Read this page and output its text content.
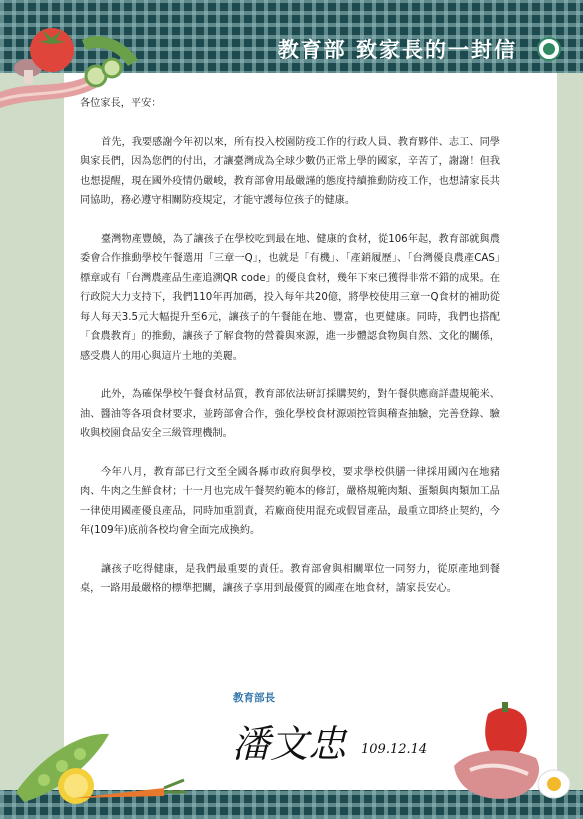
教育部 致家長的一封信

各位家長，平安：

首先，我要感謝今年初以來，所有投入校園防疫工作的行政人員、教育夥伴、志工、同學與家長們，因為您們的付出，才讓臺灣成為全球少數仍正常上學的國家，辛苦了，謝謝！但我也想提醒，現在國外疫情仍嚴峻，教育部會用最嚴謹的態度持續推動防疫工作，也想請家長共同協助，務必遵守相關防疫規定，才能守護每位孩子的健康。

臺灣物產豐饒，為了讓孩子在學校吃到最在地、健康的食材，從106年起，教育部就與農委會合作推動學校午餐選用「三章一Q」，也就是「有機」、「產銷履歷」、「台灣優良農產CAS」標章或有「台灣農產品生產追溯QR code」的優良食材，幾年下來已獲得非常不錯的成果。在行政院大力支持下，我們110年再加碼，投入每年共20億，將學校使用三章一Q食材的補助從每人每天3.5元大幅提升至6元，讓孩子的午餐能在地、豐富，也更健康。同時，我們也搭配「食農教育」的推動，讓孩子了解食物的營養與來源，進一步體認食物與自然、文化的關係，感受農人的用心與這片土地的美麗。

此外，為確保學校午餐食材品質，教育部依法研訂採購契約，對午餐供應商詳盡規範米、油、醬油等各項食材要求，並跨部會合作，強化學校食材源頭控管與稽查抽驗，完善登錄、驗收與校園食品安全三級管理機制。

今年八月，教育部已行文至全國各縣市政府與學校，要求學校供膳一律採用國內在地豬肉、牛肉之生鮮食材；十一月也完成午餐契約範本的修訂，嚴格規範肉類、蛋類與肉類加工品一律使用國產優良產品，同時加重罰責，若廠商使用混充或假冒產品，最重立即終止契約，今年(109年)底前各校均會全面完成換約。

讓孩子吃得健康，是我們最重要的責任。教育部會與相關單位一同努力，從原產地到餐桌，一路用最嚴格的標準把關，讓孩子享用到最優質的國產在地食材，請家長安心。

教育部長
潘文忠 109.12.14
